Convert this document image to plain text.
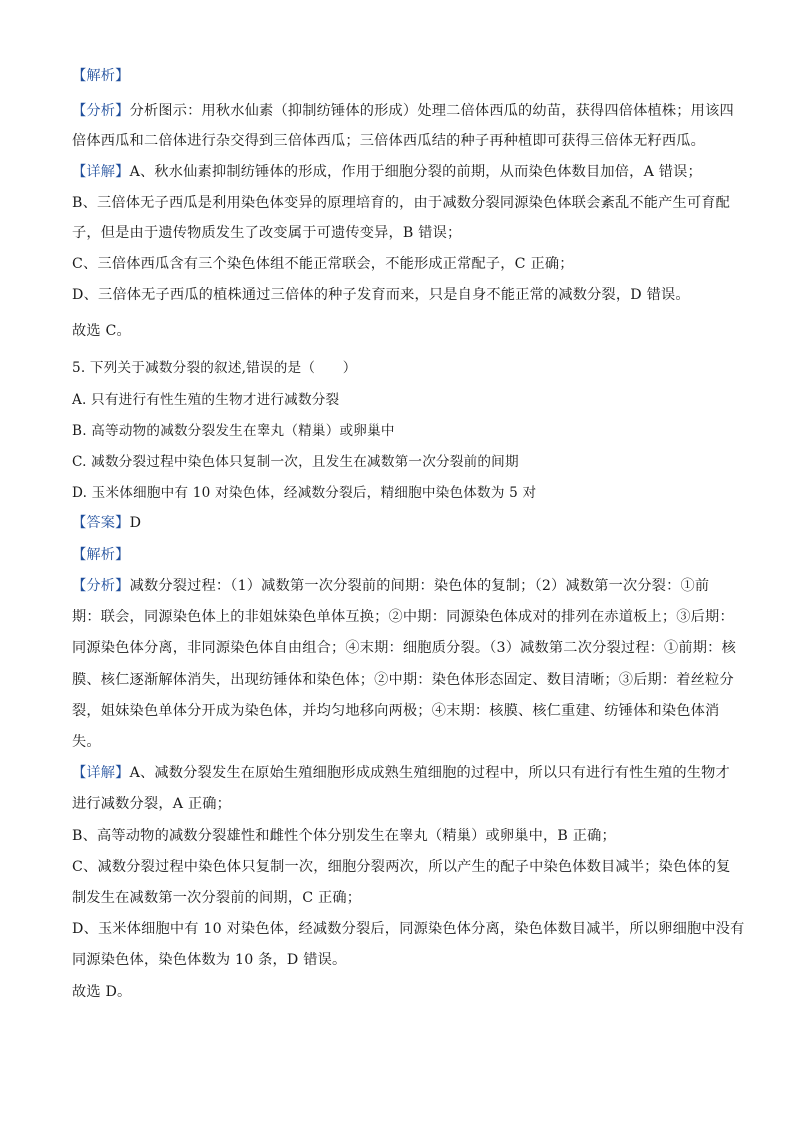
【解析】
【分析】分析图示：用秋水仙素（抑制纺锤体的形成）处理二倍体西瓜的幼苗，获得四倍体植株；用该四
倍体西瓜和二倍体进行杂交得到三倍体西瓜；三倍体西瓜结的种子再种植即可获得三倍体无籽西瓜。
【详解】A、秋水仙素抑制纺锤体的形成，作用于细胞分裂的前期，从而染色体数目加倍，A 错误；
B、三倍体无子西瓜是利用染色体变异的原理培育的，由于减数分裂同源染色体联会紊乱不能产生可育配
子，但是由于遗传物质发生了改变属于可遗传变异，B 错误；
C、三倍体西瓜含有三个染色体组不能正常联会，不能形成正常配子，C 正确；
D、三倍体无子西瓜的植株通过三倍体的种子发育而来，只是自身不能正常的减数分裂，D 错误。
故选 C。
5. 下列关于减数分裂的叙述,错误的是（　　）
A. 只有进行有性生殖的生物才进行减数分裂
B. 高等动物的减数分裂发生在睾丸（精巢）或卵巢中
C. 减数分裂过程中染色体只复制一次，且发生在减数第一次分裂前的间期
D. 玉米体细胞中有 10 对染色体，经减数分裂后，精细胞中染色体数为 5 对
【答案】D
【解析】
【分析】减数分裂过程：（1）减数第一次分裂前的间期：染色体的复制；（2）减数第一次分裂：①前
期：联会，同源染色体上的非姐妹染色单体互换；②中期：同源染色体成对的排列在赤道板上；③后期：
同源染色体分离，非同源染色体自由组合；④末期：细胞质分裂。（3）减数第二次分裂过程：①前期：核
膜、核仁逐渐解体消失，出现纺锤体和染色体；②中期：染色体形态固定、数目清晰；③后期：着丝粒分
裂，姐妹染色单体分开成为染色体，并均匀地移向两极；④末期：核膜、核仁重建、纺锤体和染色体消
失。
【详解】A、减数分裂发生在原始生殖细胞形成成熟生殖细胞的过程中，所以只有进行有性生殖的生物才
进行减数分裂，A 正确；
B、高等动物的减数分裂雄性和雌性个体分别发生在睾丸（精巢）或卵巢中，B 正确；
C、减数分裂过程中染色体只复制一次，细胞分裂两次，所以产生的配子中染色体数目减半；染色体的复
制发生在减数第一次分裂前的间期，C 正确；
D、玉米体细胞中有 10 对染色体，经减数分裂后，同源染色体分离，染色体数目减半，所以卵细胞中没有
同源染色体，染色体数为 10 条，D 错误。
故选 D。
